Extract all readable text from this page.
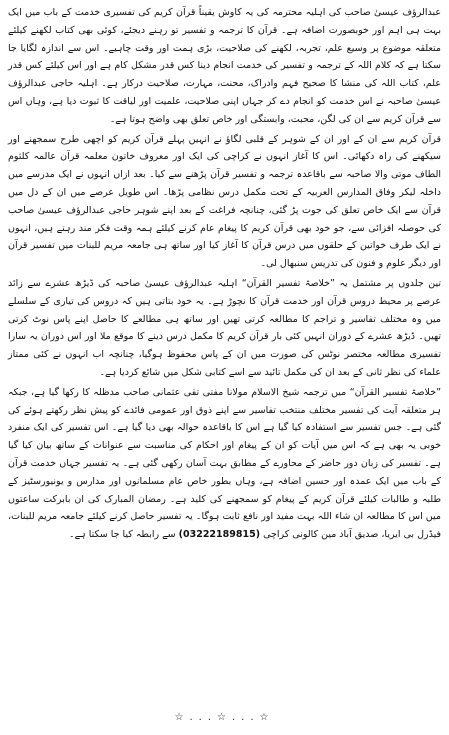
عبدالرؤف عیسیٰ صاحب کی اہلیہ محترمہ کی یہ کاوش یقیناً قرآن کریم کی تفسیری خدمت کے باب میں ایک بہت ہی اہم اور خوبصورت اضافہ ہے۔ قرآن کا ترجمہ و تفسیر تو رہنے دیجئے، کوئی بھی کتاب لکھنے کیلئے متعلقہ موضوع پر وسیع علم، تجربہ، لکھنے کی صلاحیت، بڑی ہمت اور وقت چاہیے۔ اس سے اندازہ لگایا جا سکتا ہے کہ کلام اللہ کے ترجمہ و تفسیر کی خدمت انجام دینا کس قدر مشکل کام ہے اور اس کیلئے کس قدر علم، کتاب اللہ کی منشا کا صحیح فہم وادراک، محنت، مہارت، صلاحیت درکار ہے۔ اہلیہ حاجی عبدالرؤف عیسیٰ صاحبہ نے اس خدمت کو انجام دے کر جہاں اپنی صلاحیت، علمیت اور لیاقت کا ثبوت دیا ہے، وہاں اس سے قرآن کریم سے ان کی لگن، محبت، وابستگی اور خاص تعلق بھی واضح ہوتا ہے۔

قرآن کریم سے ان کے اور ان کے شوہر کے قلبی لگاؤ نے انہیں پہلے قرآن کریم کو اچھی طرح سمجھنے اور سیکھنے کی راہ دکھائی۔ اس کا آغاز انہوں نے کراچی کی ایک اور معروف خاتون معلمہ قرآن عالمہ کلثوم الطاف موتی والا صاحبہ سے باقاعدہ ترجمہ و تفسیر قرآن پڑھنے سے کیا۔ بعد ازاں انہوں نے ایک مدرسے میں داخلہ لیکر وفاق المدارس العربیہ کے تحت مکمل درس نظامی پڑھا۔ اس طویل عرصے میں ان کے دل میں قرآن سے ایک خاص تعلق کی جوت پڑ گئی، چنانچہ فراغت کے بعد اپنے شوہر حاجی عبدالرؤف عیسیٰ صاحب کی حوصلہ افزائی سے، جو خود بھی قرآن کریم کا پیغام عام کرنے کیلئے ہمہ وقت فکر مند رہتے ہیں، انہوں نے ایک طرف خواتین کے حلقوں میں درس قرآن کا آغاز کیا اور ساتھ ہی جامعہ مریم للبنات میں تفسیر قرآن اور دیگر علوم و فنون کی تدریس سنبھال لی۔

تین جلدوں پر مشتمل یہ ”خلاصۃ تفسیر القرآن“ اہلیہ عبدالرؤف عیسیٰ صاحبہ کی ڈیڑھ عشرے سے زائد عرصے پر محیط دروس قرآن اور خدمت قرآن کا نچوڑ ہے۔ یہ خود بتاتی ہیں کہ دروس کی تیاری کے سلسلے میں وہ مختلف تفاسیر و تراجم کا مطالعہ کرتی تھیں اور ساتھ ہی مطالعے کا حاصل اپنے پاس نوٹ کرتی تھیں۔ ڈیڑھ عشرے کے دوران انہیں کئی بار قرآن کریم کا مکمل درس دینے کا موقع ملا اور اس دوران یہ سارا تفسیری مطالعہ مختصر نوٹس کی صورت میں ان کے پاس محفوظ ہوگیا، چنانچہ اب انہوں نے کئی ممتاز علماء کی نظر ثانی کے بعد ان کی مکمل تائید سے اسے کتابی شکل میں شائع کردیا ہے۔

”خلاصۃ تفسیر القرآن“ میں ترجمہ شیخ الاسلام مولانا مفتی تقی عثمانی صاحب مدظلہ کا رکھا گیا ہے، جبکہ ہر متعلقہ آیت کی تفسیر مختلف منتخب تفاسیر سے اپنے ذوق اور عمومی فائدے کو پیش نظر رکھتے ہوئے کی گئی ہے۔ جس تفسیر سے استفادہ کیا گیا ہے اس کا باقاعدہ حوالہ بھی دیا گیا ہے۔ اس تفسیر کی ایک منفرد خوبی یہ بھی ہے کہ اس میں آیات کو ان کے پیغام اور احکام کی مناسبت سے عنوانات کے ساتھ بیان کیا گیا ہے۔ تفسیر کی زبان دور حاضر کے محاورے کے مطابق بہت آسان رکھی گئی ہے۔ یہ تفسیر جہاں خدمت قرآن کے باب میں ایک عمدہ اور حسین اضافہ ہے، وہاں بطور خاص عام مسلمانوں اور مدارس و یونیورسٹیز کے طلبہ و طالبات کیلئے قرآن کریم کے پیغام کو سمجھنے کی کلید ہے۔ رمضان المبارک کی ان بابرکت ساعتوں میں اس کا مطالعہ ان شاء اللہ بہت مفید اور نافع ثابت ہوگا۔ یہ تفسیر حاصل کرنے کیلئے جامعہ مریم للبنات، فیڈرل بی ایریا، صدیق آباد مین کالونی کراچی (03222189815) سے رابطہ کیا جا سکتا ہے۔

☆...☆...☆
